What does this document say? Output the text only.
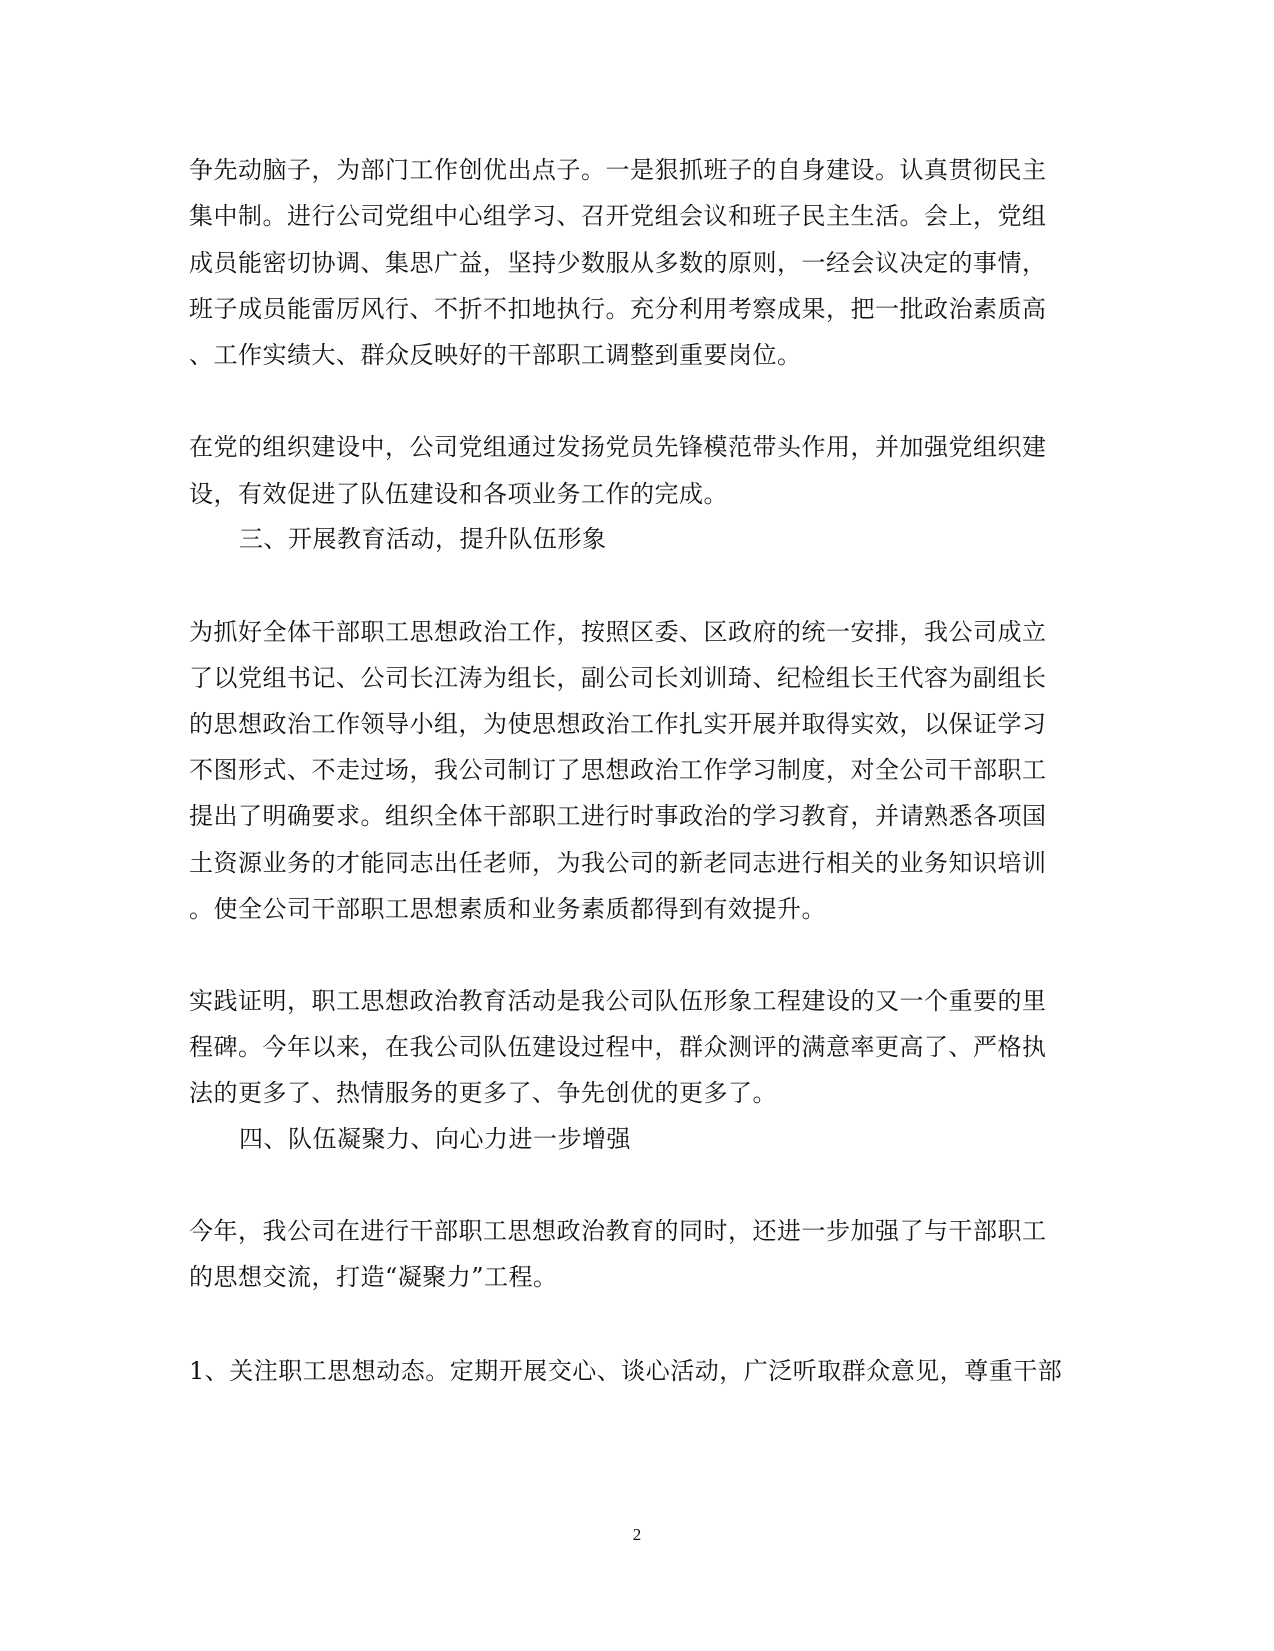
争先动脑子，为部门工作创优出点子。一是狠抓班子的自身建设。认真贯彻民主
集中制。进行公司党组中心组学习、召开党组会议和班子民主生活。会上，党组
成员能密切协调、集思广益，坚持少数服从多数的原则，一经会议决定的事情，
班子成员能雷厉风行、不折不扣地执行。充分利用考察成果，把一批政治素质高
、工作实绩大、群众反映好的干部职工调整到重要岗位。
在党的组织建设中，公司党组通过发扬党员先锋模范带头作用，并加强党组织建
设，有效促进了队伍建设和各项业务工作的完成。
三、开展教育活动，提升队伍形象
为抓好全体干部职工思想政治工作，按照区委、区政府的统一安排，我公司成立
了以党组书记、公司长江涛为组长，副公司长刘训琦、纪检组长王代容为副组长
的思想政治工作领导小组，为使思想政治工作扎实开展并取得实效，以保证学习
不图形式、不走过场，我公司制订了思想政治工作学习制度，对全公司干部职工
提出了明确要求。组织全体干部职工进行时事政治的学习教育，并请熟悉各项国
土资源业务的才能同志出任老师，为我公司的新老同志进行相关的业务知识培训
。使全公司干部职工思想素质和业务素质都得到有效提升。
实践证明，职工思想政治教育活动是我公司队伍形象工程建设的又一个重要的里
程碑。今年以来，在我公司队伍建设过程中，群众测评的满意率更高了、严格执
法的更多了、热情服务的更多了、争先创优的更多了。
四、队伍凝聚力、向心力进一步增强
今年，我公司在进行干部职工思想政治教育的同时，还进一步加强了与干部职工
的思想交流，打造“凝聚力”工程。
1、关注职工思想动态。定期开展交心、谈心活动，广泛听取群众意见，尊重干部
2
